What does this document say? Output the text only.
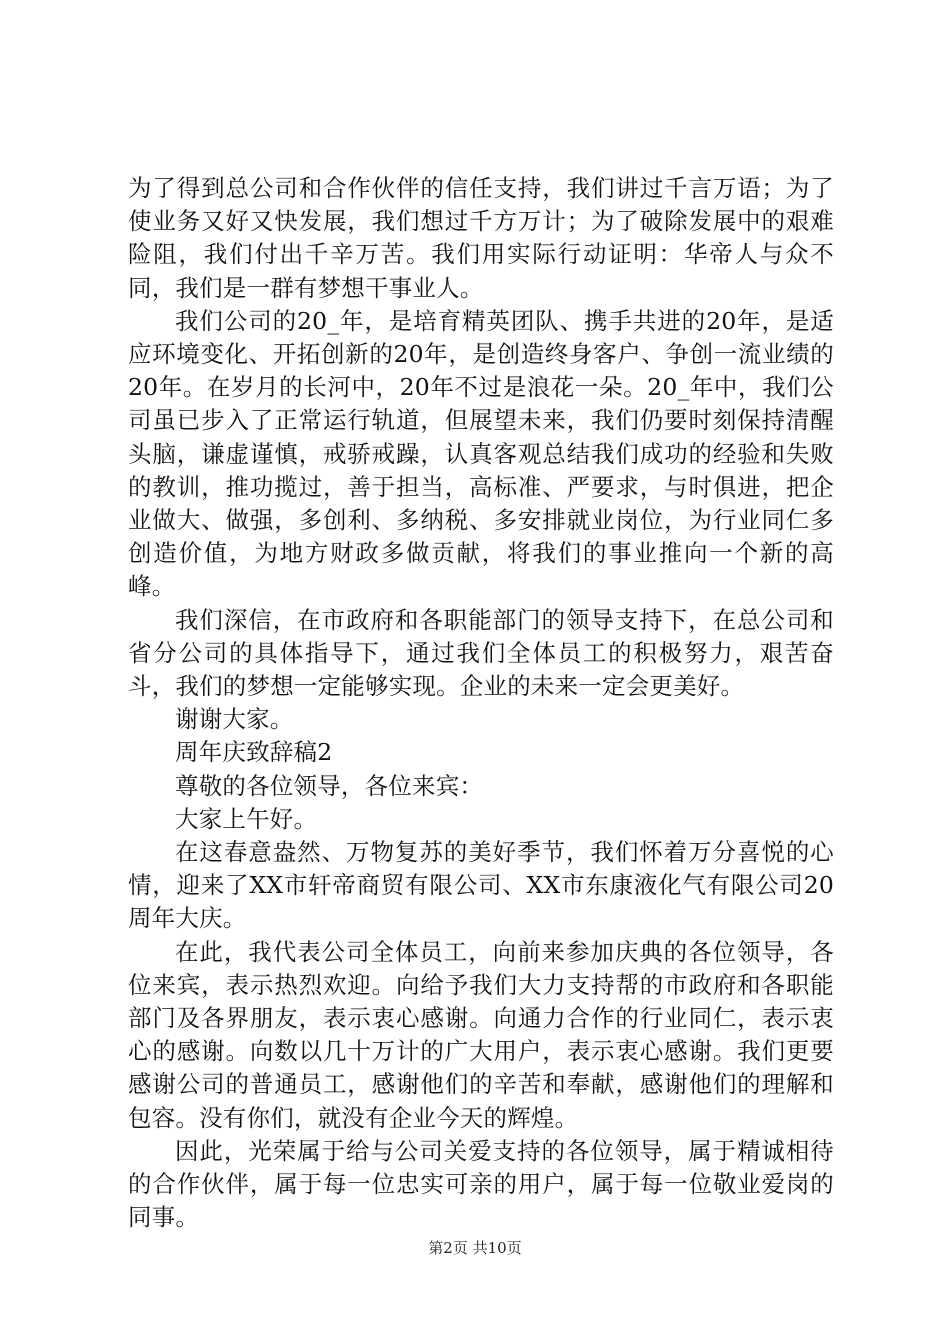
为了得到总公司和合作伙伴的信任支持，我们讲过千言万语；为了使业务又好又快发展，我们想过千方万计；为了破除发展中的艰难险阻，我们付出千辛万苦。我们用实际行动证明：华帝人与众不同，我们是一群有梦想干事业人。

我们公司的20_年，是培育精英团队、携手共进的20年，是适应环境变化、开拓创新的20年，是创造终身客户、争创一流业绩的20年。在岁月的长河中，20年不过是浪花一朵。20_年中，我们公司虽已步入了正常运行轨道，但展望未来，我们仍要时刻保持清醒头脑，谦虚谨慎，戒骄戒躁，认真客观总结我们成功的经验和失败的教训，推功揽过，善于担当，高标准、严要求，与时俱进，把企业做大、做强，多创利、多纳税、多安排就业岗位，为行业同仁多创造价值，为地方财政多做贡献，将我们的事业推向一个新的高峰。

我们深信，在市政府和各职能部门的领导支持下，在总公司和省分公司的具体指导下，通过我们全体员工的积极努力，艰苦奋斗，我们的梦想一定能够实现。企业的未来一定会更美好。

谢谢大家。

周年庆致辞稿2

尊敬的各位领导，各位来宾：

大家上午好。

在这春意盎然、万物复苏的美好季节，我们怀着万分喜悦的心情，迎来了XX市轩帝商贸有限公司、XX市东康液化气有限公司20周年大庆。

在此，我代表公司全体员工，向前来参加庆典的各位领导，各位来宾，表示热烈欢迎。向给予我们大力支持帮的市政府和各职能部门及各界朋友，表示衷心感谢。向通力合作的行业同仁，表示衷心的感谢。向数以几十万计的广大用户，表示衷心感谢。我们更要感谢公司的普通员工，感谢他们的辛苦和奉献，感谢他们的理解和包容。没有你们，就没有企业今天的辉煌。

因此，光荣属于给与公司关爱支持的各位领导，属于精诚相待的合作伙伴，属于每一位忠实可亲的用户，属于每一位敬业爱岗的同事。

第2页 共10页
